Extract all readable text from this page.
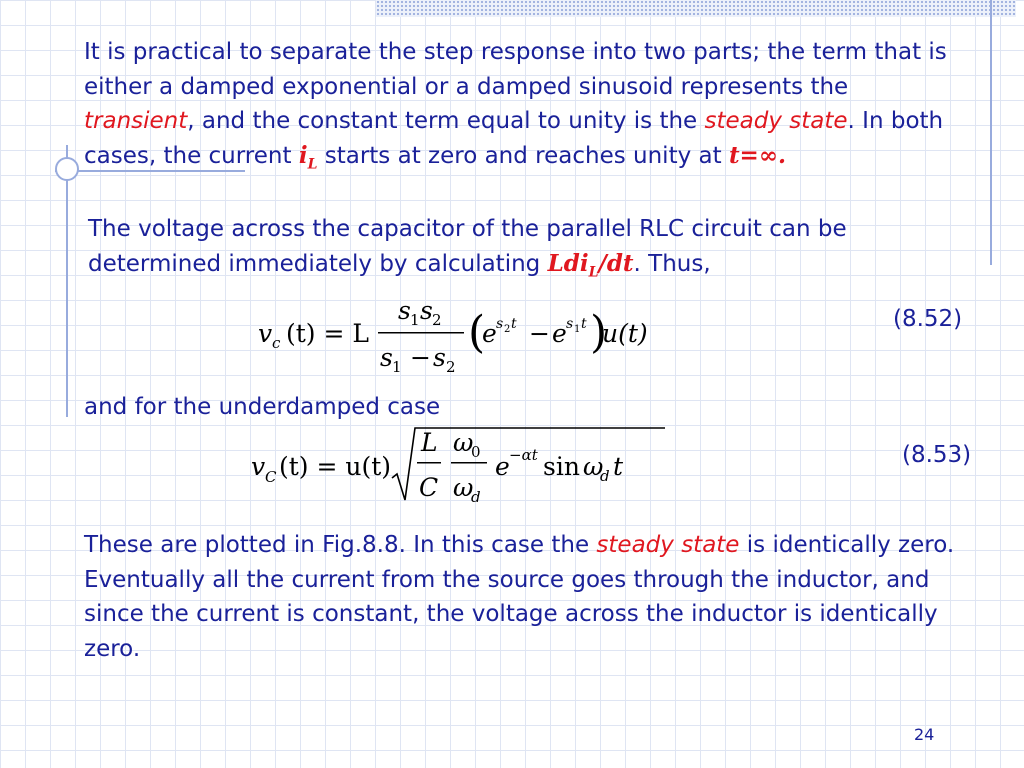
It is practical to separate the step response into two parts; the term that is either a damped exponential or a damped sinusoid represents the transient, and the constant term equal to unity is the steady state. In both cases, the current $i_L$ starts at zero and reaches unity at t=∞.

The voltage across the capacitor of the parallel RLC circuit can be determined immediately by calculating Ldi$_L$/dt. Thus,

v c (t) = L
s 1 s 2
s 1 − s 2
(
e s 2 t − e s 1 t )
u(t)	(8.52)

and for the underdamped case

v C (t) = u(t)
L
C
ω
0
ω
d
e −αt sin ω
d t	(8.53)

These are plotted in Fig.8.8. In this case the steady state is identically zero. Eventually all the current from the source goes through the inductor, and since the current is constant, the voltage across the inductor is identically zero.

24
